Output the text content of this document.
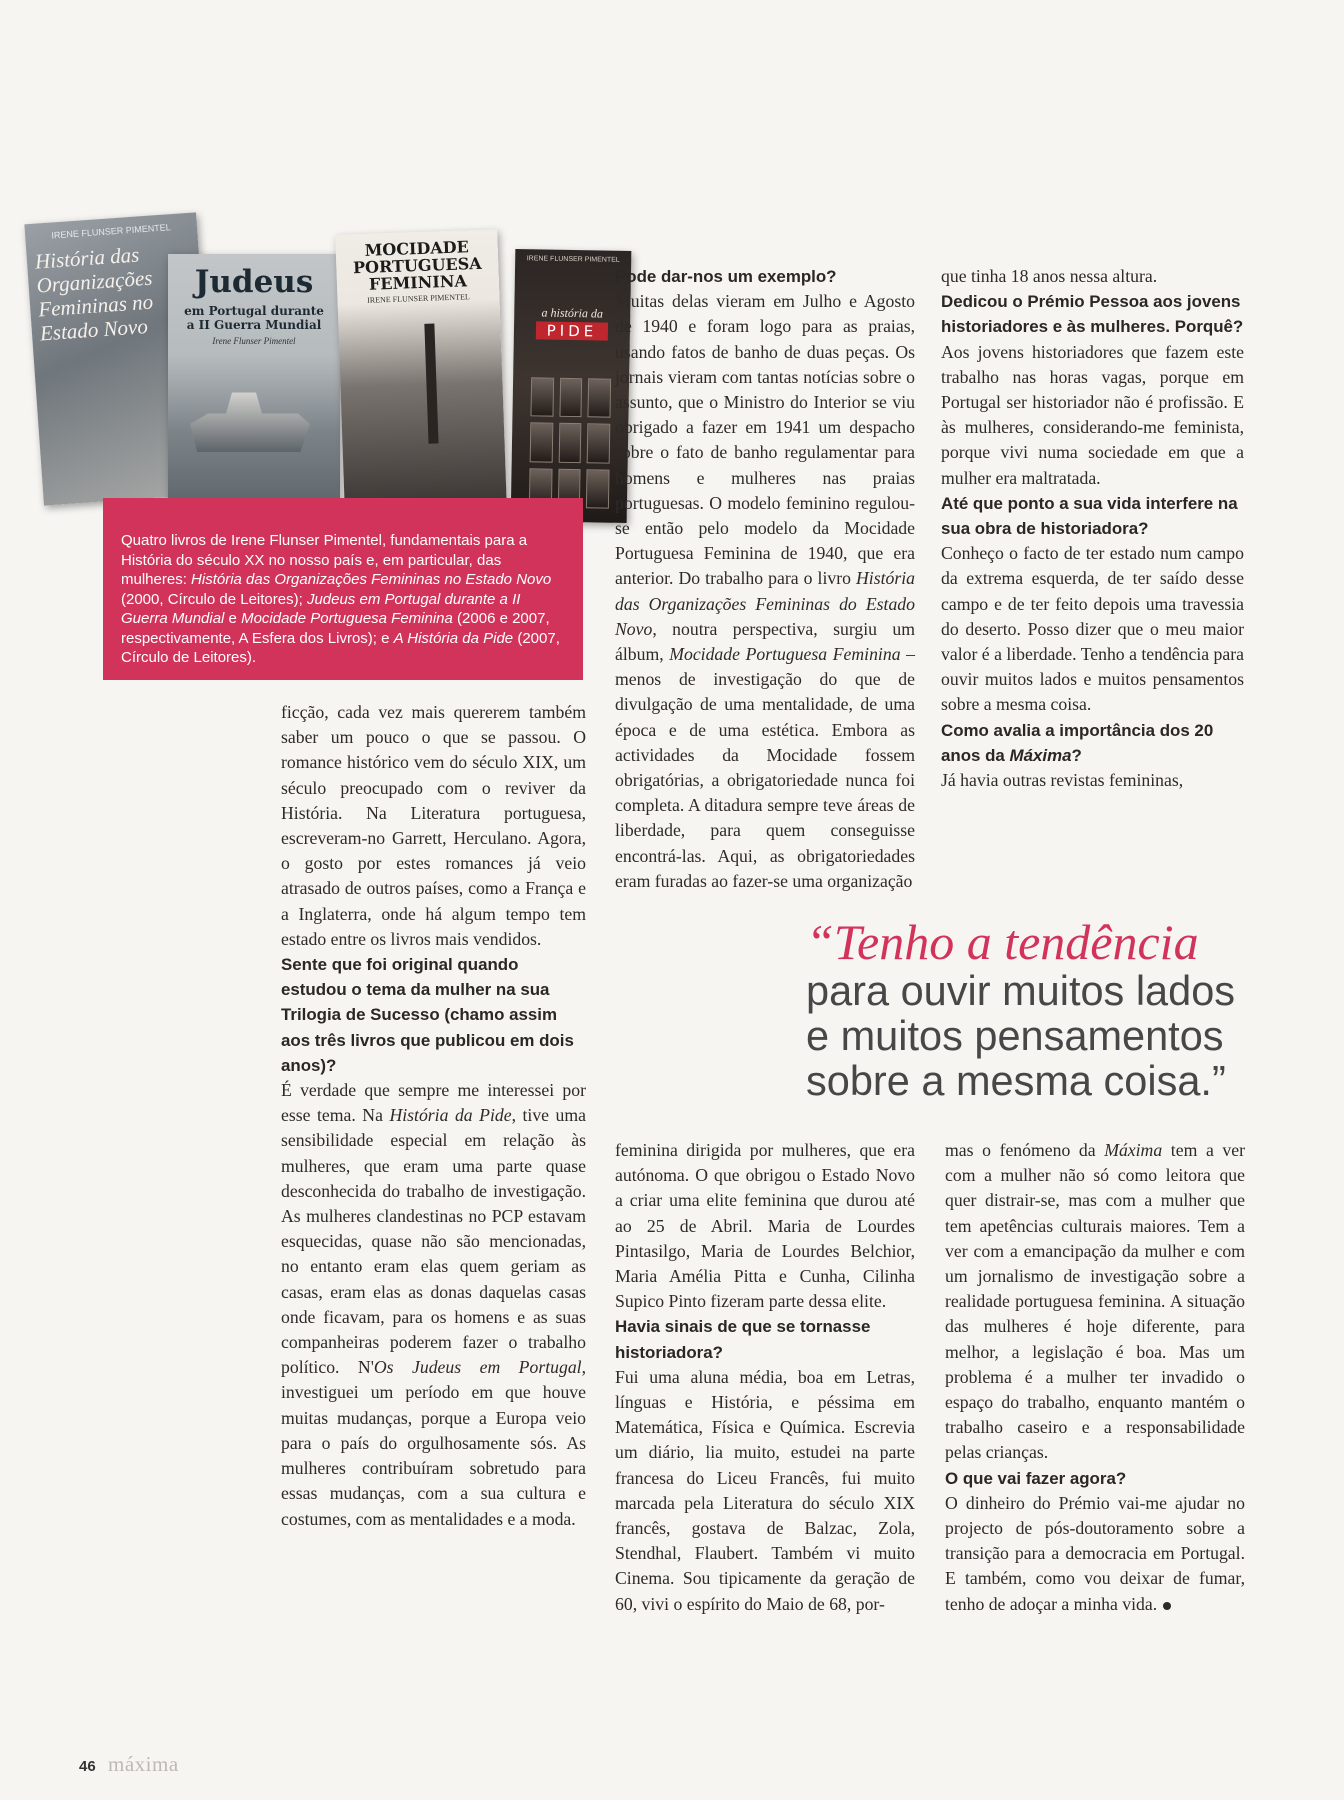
IRENE FLUNSER PIMENTEL
História das Organizações Femininas no Estado Novo
Judeus
em Portugal durante
a II Guerra Mundial
Irene Flunser Pimentel
MOCIDADE
PORTUGUESA
FEMININA
IRENE FLUNSER PIMENTEL
IRENE FLUNSER PIMENTEL
a história da
PIDE
Quatro livros de Irene Flunser Pimentel, fundamentais para a História do século XX no nosso país e, em particular, das mulheres: História das Organizações Femininas no Estado Novo (2000, Círculo de Leitores); Judeus em Portugal durante a II Guerra Mundial e Mocidade Portuguesa Feminina (2006 e 2007, respectivamente, A Esfera dos Livros); e A História da Pide (2007, Círculo de Leitores).

ficção, cada vez mais quererem também saber um pouco o que se passou. O romance histórico vem do século XIX, um século preocupado com o reviver da História. Na Literatura portuguesa, escreveram-no Garrett, Herculano. Agora, o gosto por estes romances já veio atrasado de outros países, como a França e a Inglaterra, onde há algum tempo tem estado entre os livros mais vendidos.

Sente que foi original quando estudou o tema da mulher na sua Trilogia de Sucesso (chamo assim aos três livros que publicou em dois anos)?

É verdade que sempre me interessei por esse tema. Na História da Pide, tive uma sensibilidade especial em relação às mulheres, que eram uma parte quase desconhecida do trabalho de investigação. As mulheres clandestinas no PCP estavam esquecidas, quase não são mencionadas, no entanto eram elas quem geriam as casas, eram elas as donas daquelas casas onde ficavam, para os homens e as suas companheiras poderem fazer o trabalho político. N'Os Judeus em Portugal, investiguei um período em que houve muitas mudanças, porque a Europa veio para o país do orgulhosamente sós. As mulheres contribuíram sobretudo para essas mudanças, com a sua cultura e costumes, com as mentalidades e a moda.

Pode dar-nos um exemplo?

Muitas delas vieram em Julho e Agosto de 1940 e foram logo para as praias, usando fatos de banho de duas peças. Os jornais vieram com tantas notícias sobre o assunto, que o Ministro do Interior se viu obrigado a fazer em 1941 um despacho sobre o fato de banho regulamentar para homens e mulheres nas praias portuguesas. O modelo feminino regulou-se então pelo modelo da Mocidade Portuguesa Feminina de 1940, que era anterior. Do trabalho para o livro História das Organizações Femininas do Estado Novo, noutra perspectiva, surgiu um álbum, Mocidade Portuguesa Feminina – menos de investigação do que de divulgação de uma mentalidade, de uma época e de uma estética. Embora as actividades da Mocidade fossem obrigatórias, a obrigatoriedade nunca foi completa. A ditadura sempre teve áreas de liberdade, para quem conseguisse encontrá-las. Aqui, as obrigatoriedades eram furadas ao fazer-se uma organização

feminina dirigida por mulheres, que era autónoma. O que obrigou o Estado Novo a criar uma elite feminina que durou até ao 25 de Abril. Maria de Lourdes Pintasilgo, Maria de Lourdes Belchior, Maria Amélia Pitta e Cunha, Cilinha Supico Pinto fizeram parte dessa elite.

Havia sinais de que se tornasse historiadora?

Fui uma aluna média, boa em Letras, línguas e História, e péssima em Matemática, Física e Química. Escrevia um diário, lia muito, estudei na parte francesa do Liceu Francês, fui muito marcada pela Literatura do século XIX francês, gostava de Balzac, Zola, Stendhal, Flaubert. Também vi muito Cinema. Sou tipicamente da geração de 60, vivi o espírito do Maio de 68, por-

que tinha 18 anos nessa altura.

Dedicou o Prémio Pessoa aos jovens historiadores e às mulheres. Porquê?

Aos jovens historiadores que fazem este trabalho nas horas vagas, porque em Portugal ser historiador não é profissão. E às mulheres, considerando-me feminista, porque vivi numa sociedade em que a mulher era maltratada.

Até que ponto a sua vida interfere na sua obra de historiadora?

Conheço o facto de ter estado num campo da extrema esquerda, de ter saído desse campo e de ter feito depois uma travessia do deserto. Posso dizer que o meu maior valor é a liberdade. Tenho a tendência para ouvir muitos lados e muitos pensamentos sobre a mesma coisa.

Como avalia a importância dos 20 anos da Máxima?

Já havia outras revistas femininas,

mas o fenómeno da Máxima tem a ver com a mulher não só como leitora que quer distrair-se, mas com a mulher que tem apetências culturais maiores. Tem a ver com a emancipação da mulher e com um jornalismo de investigação sobre a realidade portuguesa feminina. A situação das mulheres é hoje diferente, para melhor, a legislação é boa. Mas um problema é a mulher ter invadido o espaço do trabalho, enquanto mantém o trabalho caseiro e a responsabilidade pelas crianças.

O que vai fazer agora?

O dinheiro do Prémio vai-me ajudar no projecto de pós-doutoramento sobre a transição para a democracia em Portugal. E também, como vou deixar de fumar, tenho de adoçar a minha vida.

“Tenho a tendência
para ouvir muitos lados
e muitos pensamentos
sobre a mesma coisa.”
46 máxima
